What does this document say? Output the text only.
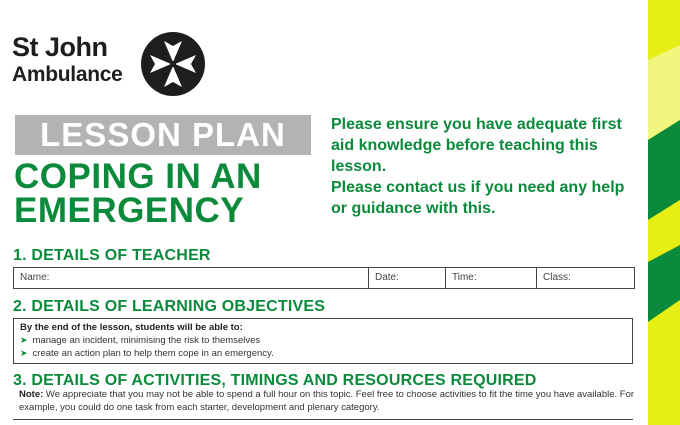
St John
Ambulance
LESSON PLAN
COPING IN AN
EMERGENCY

Please ensure you have adequate first aid knowledge before teaching this lesson.

Please contact us if you need any help or guidance with this.

1. DETAILS OF TEACHER
Name:	Date:	Time:	Class:
2. DETAILS OF LEARNING OBJECTIVES
By the end of the lesson, students will be able to:
➤ manage an incident, minimising the risk to themselves
➤ create an action plan to help them cope in an emergency.
3. DETAILS OF ACTIVITIES, TIMINGS AND RESOURCES REQUIRED
Note: We appreciate that you may not be able to spend a full hour on this topic. Feel free to choose activities to fit the time you have available. For example, you could do one task from each starter, development and plenary category.
